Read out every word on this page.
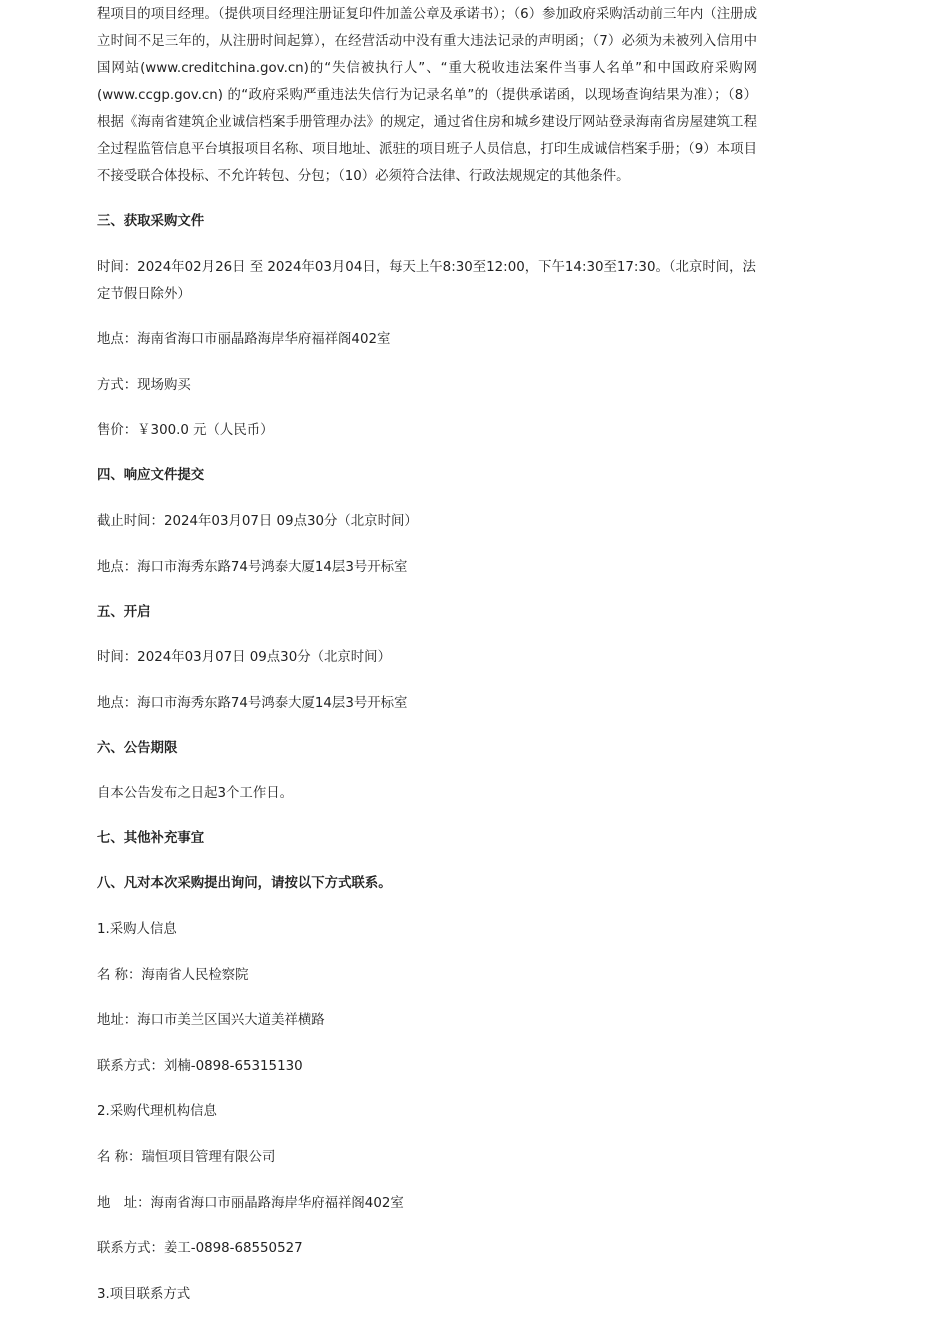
程项目的项目经理。（提供项目经理注册证复印件加盖公章及承诺书）；（6）参加政府采购活动前三年内（注册成立时间不足三年的，从注册时间起算），在经营活动中没有重大违法记录的声明函；（7）必须为未被列入信用中国网站(www.creditchina.gov.cn)的“失信被执行人”、“重大税收违法案件当事人名单”和中国政府采购网(www.ccgp.gov.cn) 的“政府采购严重违法失信行为记录名单”的（提供承诺函，以现场查询结果为准）；（8）根据《海南省建筑企业诚信档案手册管理办法》的规定，通过省住房和城乡建设厅网站登录海南省房屋建筑工程全过程监管信息平台填报项目名称、项目地址、派驻的项目班子人员信息，打印生成诚信档案手册；（9）本项目不接受联合体投标、不允许转包、分包；（10）必须符合法律、行政法规规定的其他条件。

三、获取采购文件

时间：2024年02月26日 至 2024年03月04日，每天上午8:30至12:00，下午14:30至17:30。（北京时间，法定节假日除外）

地点：海南省海口市丽晶路海岸华府福祥阁402室

方式：现场购买

售价：￥300.0 元（人民币）

四、响应文件提交

截止时间：2024年03月07日 09点30分（北京时间）

地点：海口市海秀东路74号鸿泰大厦14层3号开标室

五、开启

时间：2024年03月07日 09点30分（北京时间）

地点：海口市海秀东路74号鸿泰大厦14层3号开标室

六、公告期限

自本公告发布之日起3个工作日。

七、其他补充事宜

八、凡对本次采购提出询问，请按以下方式联系。

1.采购人信息

名 称：海南省人民检察院

地址：海口市美兰区国兴大道美祥横路

联系方式：刘楠-0898-65315130

2.采购代理机构信息

名 称：瑞恒项目管理有限公司

地　址：海南省海口市丽晶路海岸华府福祥阁402室

联系方式：姜工-0898-68550527

3.项目联系方式
